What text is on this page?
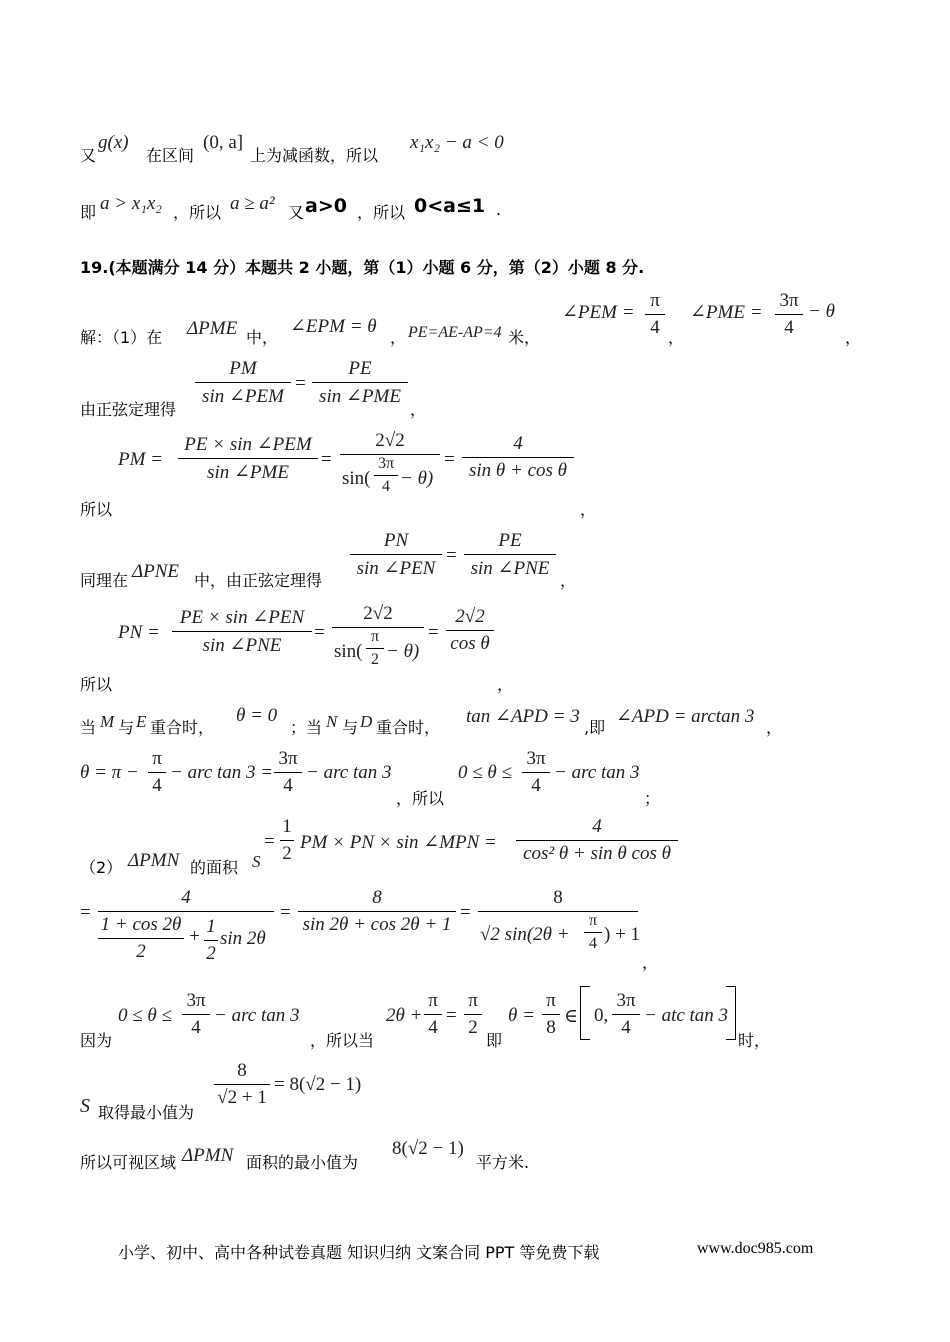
又
g(x)
在区间
(0, a]
上为减函数，所以
x₁x₂ − a < 0
即 a > x₁x₂ ，所以 a ≥ a² 又 a>0 ，所以 0<a≤1 .
19.(本题满分 14 分）本题共 2 小题，第（1）小题 6 分，第（2）小题 8 分.
解：（1）在 ΔPME 中，
∠EPM = θ
， PE=AE-AP=4 米，
∠PEM =
π
4 ，
∠PME =
3π
4
− θ
，
由正弦定理得
PM
sin ∠PEM
=
PE
sin ∠PME
，
PM =
PE × sin ∠PEM
sin ∠PME
=
2√2
sin(
3π
4 − θ)
=
4
sin θ + cos θ
所以	，
同理在 ΔPNE 中，由正弦定理得
PN
sin ∠PEN
=
PE
sin ∠PNE
，
PN =
PE × sin ∠PEN
sin ∠PNE
=
2√2
sin(
π
2 − θ)
=
2√2
cos θ
所以	，
当 M 与 E 重合时，
θ = 0
；当 N 与 D 重合时，
tan ∠APD = 3
,即
∠APD = arctan 3
，
θ = π −
π
4
− arc tan 3 =
3π
4
− arc tan 3
，所以
0 ≤ θ ≤
3π
4
− arc tan 3
；
（2） ΔPMN 的面积 S
=
1
2
PM × PN × sin ∠MPN =
4
cos² θ + sin θ cos θ
=
4
1 + cos 2θ
2
+ 1
2
sin 2θ
=
8
sin 2θ + cos 2θ + 1
=
8
√2 sin(2θ +
π
4 ) + 1
，
因为
0 ≤ θ ≤
3π
4
− arc tan 3
，所以当
2θ +
π
4
=
π
2
即
θ =
π
8
∈ 0,
3π
4
− atc tan 3
时，
S 取得最小值为
8
√2 + 1
= 8(√2 − 1)
所以可视区域 ΔPMN 面积的最小值为
8(√2 − 1)
平方米.
小学、初中、高中各种试卷真题 知识归纳 文案合同 PPT 等免费下载	www.doc985.com
